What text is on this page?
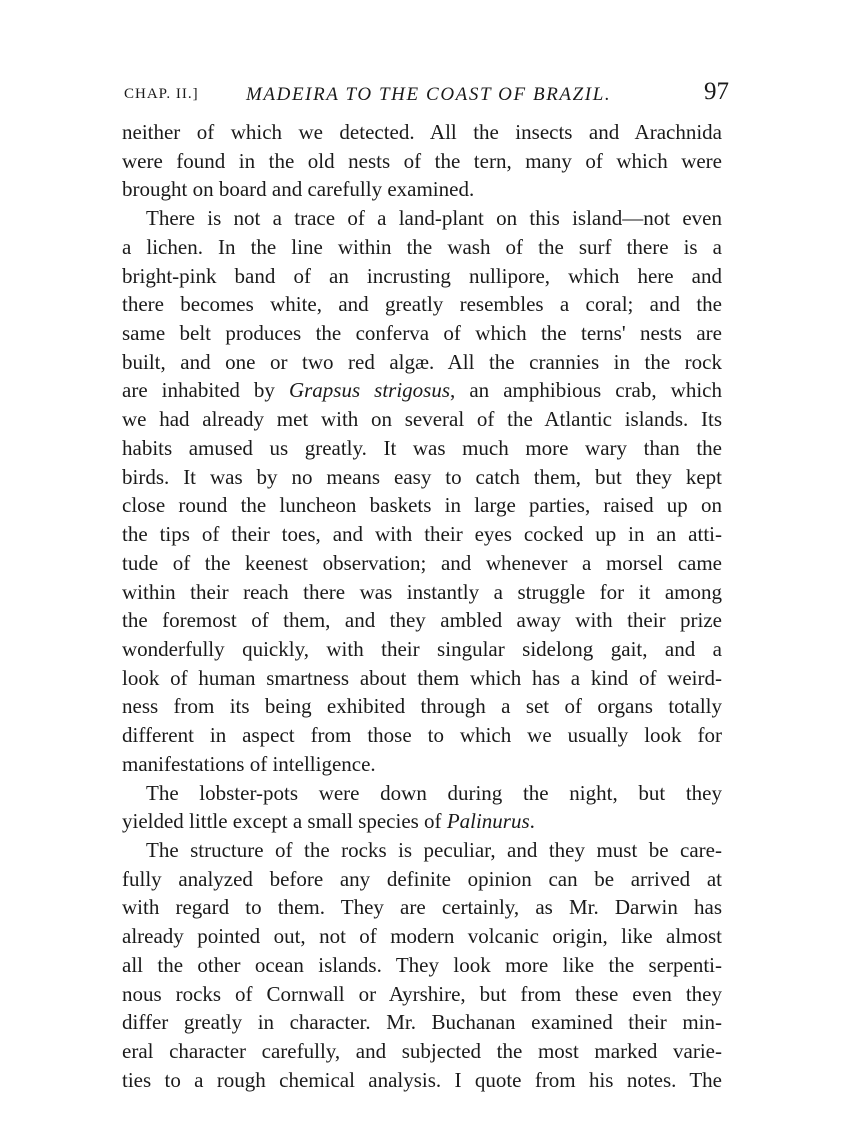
CHAP. II.] MADEIRA TO THE COAST OF BRAZIL.	97
neither of which we detected. All the insects and Arachnida
were found in the old nests of the tern, many of which were
brought on board and carefully examined.
There is not a trace of a land-plant on this island—not even
a lichen. In the line within the wash of the surf there is a
bright-pink band of an incrusting nullipore, which here and
there becomes white, and greatly resembles a coral; and the
same belt produces the conferva of which the terns' nests are
built, and one or two red algæ. All the crannies in the rock
are inhabited by Grapsus strigosus, an amphibious crab, which
we had already met with on several of the Atlantic islands. Its
habits amused us greatly. It was much more wary than the
birds. It was by no means easy to catch them, but they kept
close round the luncheon baskets in large parties, raised up on
the tips of their toes, and with their eyes cocked up in an atti-
tude of the keenest observation; and whenever a morsel came
within their reach there was instantly a struggle for it among
the foremost of them, and they ambled away with their prize
wonderfully quickly, with their singular sidelong gait, and a
look of human smartness about them which has a kind of weird-
ness from its being exhibited through a set of organs totally
different in aspect from those to which we usually look for
manifestations of intelligence.
The lobster-pots were down during the night, but they
yielded little except a small species of Palinurus.
The structure of the rocks is peculiar, and they must be care-
fully analyzed before any definite opinion can be arrived at
with regard to them. They are certainly, as Mr. Darwin has
already pointed out, not of modern volcanic origin, like almost
all the other ocean islands. They look more like the serpenti-
nous rocks of Cornwall or Ayrshire, but from these even they
differ greatly in character. Mr. Buchanan examined their min-
eral character carefully, and subjected the most marked varie-
ties to a rough chemical analysis. I quote from his notes. The
